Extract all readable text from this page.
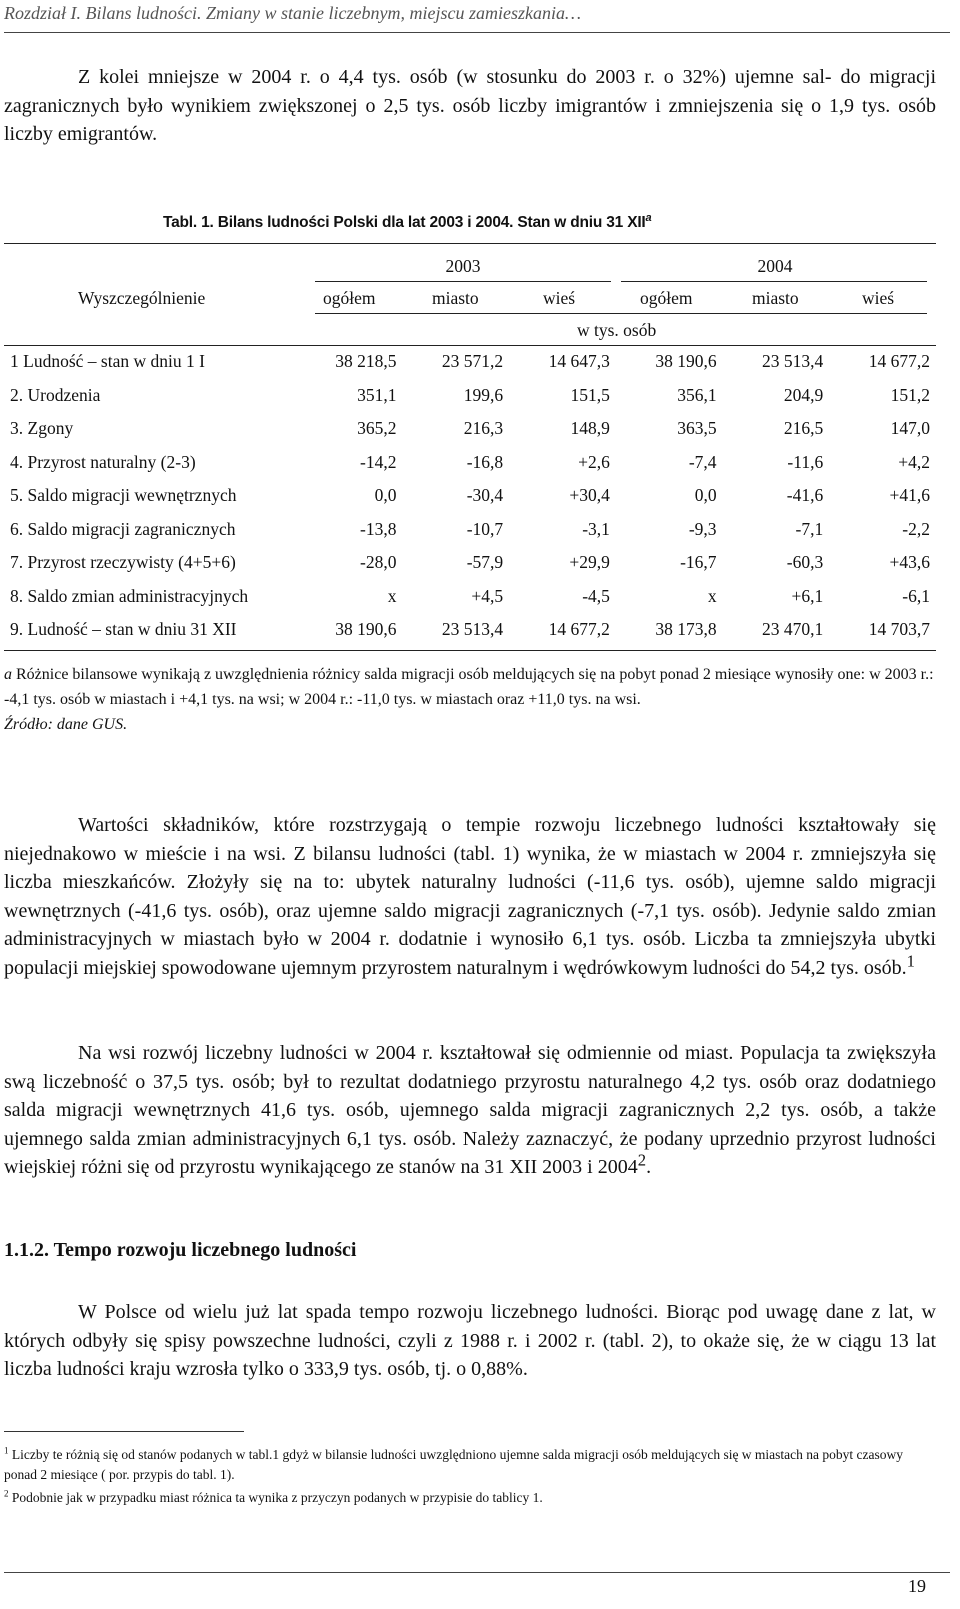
Rozdział I. Bilans ludności. Zmiany w stanie liczebnym, miejscu zamieszkania…
Z kolei mniejsze w 2004 r. o 4,4 tys. osób (w stosunku do 2003 r. o 32%) ujemne sal- do migracji zagranicznych było wynikiem zwiększonej o 2,5 tys. osób liczby imigrantów i zmniejszenia się o 1,9 tys. osób liczby emigrantów.
Tabl. 1. Bilans ludności Polski dla lat 2003 i 2004. Stan w dniu 31 XII$^a$
2003	2004
Wyszczególnienie	ogółem	miasto	wieś	ogółem	miasto	wieś
w tys. osób
1 Ludność – stan w dniu 1 I	38 218,5	23 571,2	14 647,3	38 190,6	23 513,4	14 677,2
2. Urodzenia	351,1	199,6	151,5	356,1	204,9	151,2
3. Zgony	365,2	216,3	148,9	363,5	216,5	147,0
4. Przyrost naturalny (2-3)	-14,2	-16,8	+2,6	-7,4	-11,6	+4,2
5. Saldo migracji wewnętrznych	0,0	-30,4	+30,4	0,0	-41,6	+41,6
6. Saldo migracji zagranicznych	-13,8	-10,7	-3,1	-9,3	-7,1	-2,2
7. Przyrost rzeczywisty (4+5+6)	-28,0	-57,9	+29,9	-16,7	-60,3	+43,6
8. Saldo zmian administracyjnych	x	+4,5	-4,5	x	+6,1	-6,1
9. Ludność – stan w dniu 31 XII	38 190,6	23 513,4	14 677,2	38 173,8	23 470,1	14 703,7
a Różnice bilansowe wynikają z uwzględnienia różnicy salda migracji osób meldujących się na pobyt ponad 2 miesiące wynosiły one: w 2003 r.: -4,1 tys. osób w miastach i +4,1 tys. na wsi; w 2004 r.: -11,0 tys. w miastach oraz +11,0 tys. na wsi.
Źródło: dane GUS.
Wartości składników, które rozstrzygają o tempie rozwoju liczebnego ludności kształtowały się niejednakowo w mieście i na wsi. Z bilansu ludności (tabl. 1) wynika, że w miastach w 2004 r. zmniejszyła się liczba mieszkańców. Złożyły się na to: ubytek naturalny ludności (-11,6 tys. osób), ujemne saldo migracji wewnętrznych (-41,6 tys. osób), oraz ujemne saldo migracji zagranicznych (-7,1 tys. osób). Jedynie saldo zmian administracyjnych w miastach było w 2004 r. dodatnie i wynosiło 6,1 tys. osób. Liczba ta zmniejszyła ubytki populacji miejskiej spowodowane ujemnym przyrostem naturalnym i wędrówkowym ludności do 54,2 tys. osób.$^1$
Na wsi rozwój liczebny ludności w 2004 r. kształtował się odmiennie od miast. Populacja ta zwiększyła swą liczebność o 37,5 tys. osób; był to rezultat dodatniego przyrostu naturalnego 4,2 tys. osób oraz dodatniego salda migracji wewnętrznych 41,6 tys. osób, ujemnego salda migracji zagranicznych 2,2 tys. osób, a także ujemnego salda zmian administracyjnych 6,1 tys. osób. Należy zaznaczyć, że podany uprzednio przyrost ludności wiejskiej różni się od przyrostu wynikającego ze stanów na 31 XII 2003 i 2004$^2$.
1.1.2. Tempo rozwoju liczebnego ludności
W Polsce od wielu już lat spada tempo rozwoju liczebnego ludności. Biorąc pod uwagę dane z lat, w których odbyły się spisy powszechne ludności, czyli z 1988 r. i 2002 r. (tabl. 2), to okaże się, że w ciągu 13 lat liczba ludności kraju wzrosła tylko o 333,9 tys. osób, tj. o 0,88%.
$^1$ Liczby te różnią się od stanów podanych w tabl.1 gdyż w bilansie ludności uwzględniono ujemne salda migracji osób meldujących się w miastach na pobyt czasowy ponad 2 miesiące ( por. przypis do tabl. 1).
$^2$ Podobnie jak w przypadku miast różnica ta wynika z przyczyn podanych w przypisie do tablicy 1.
19
